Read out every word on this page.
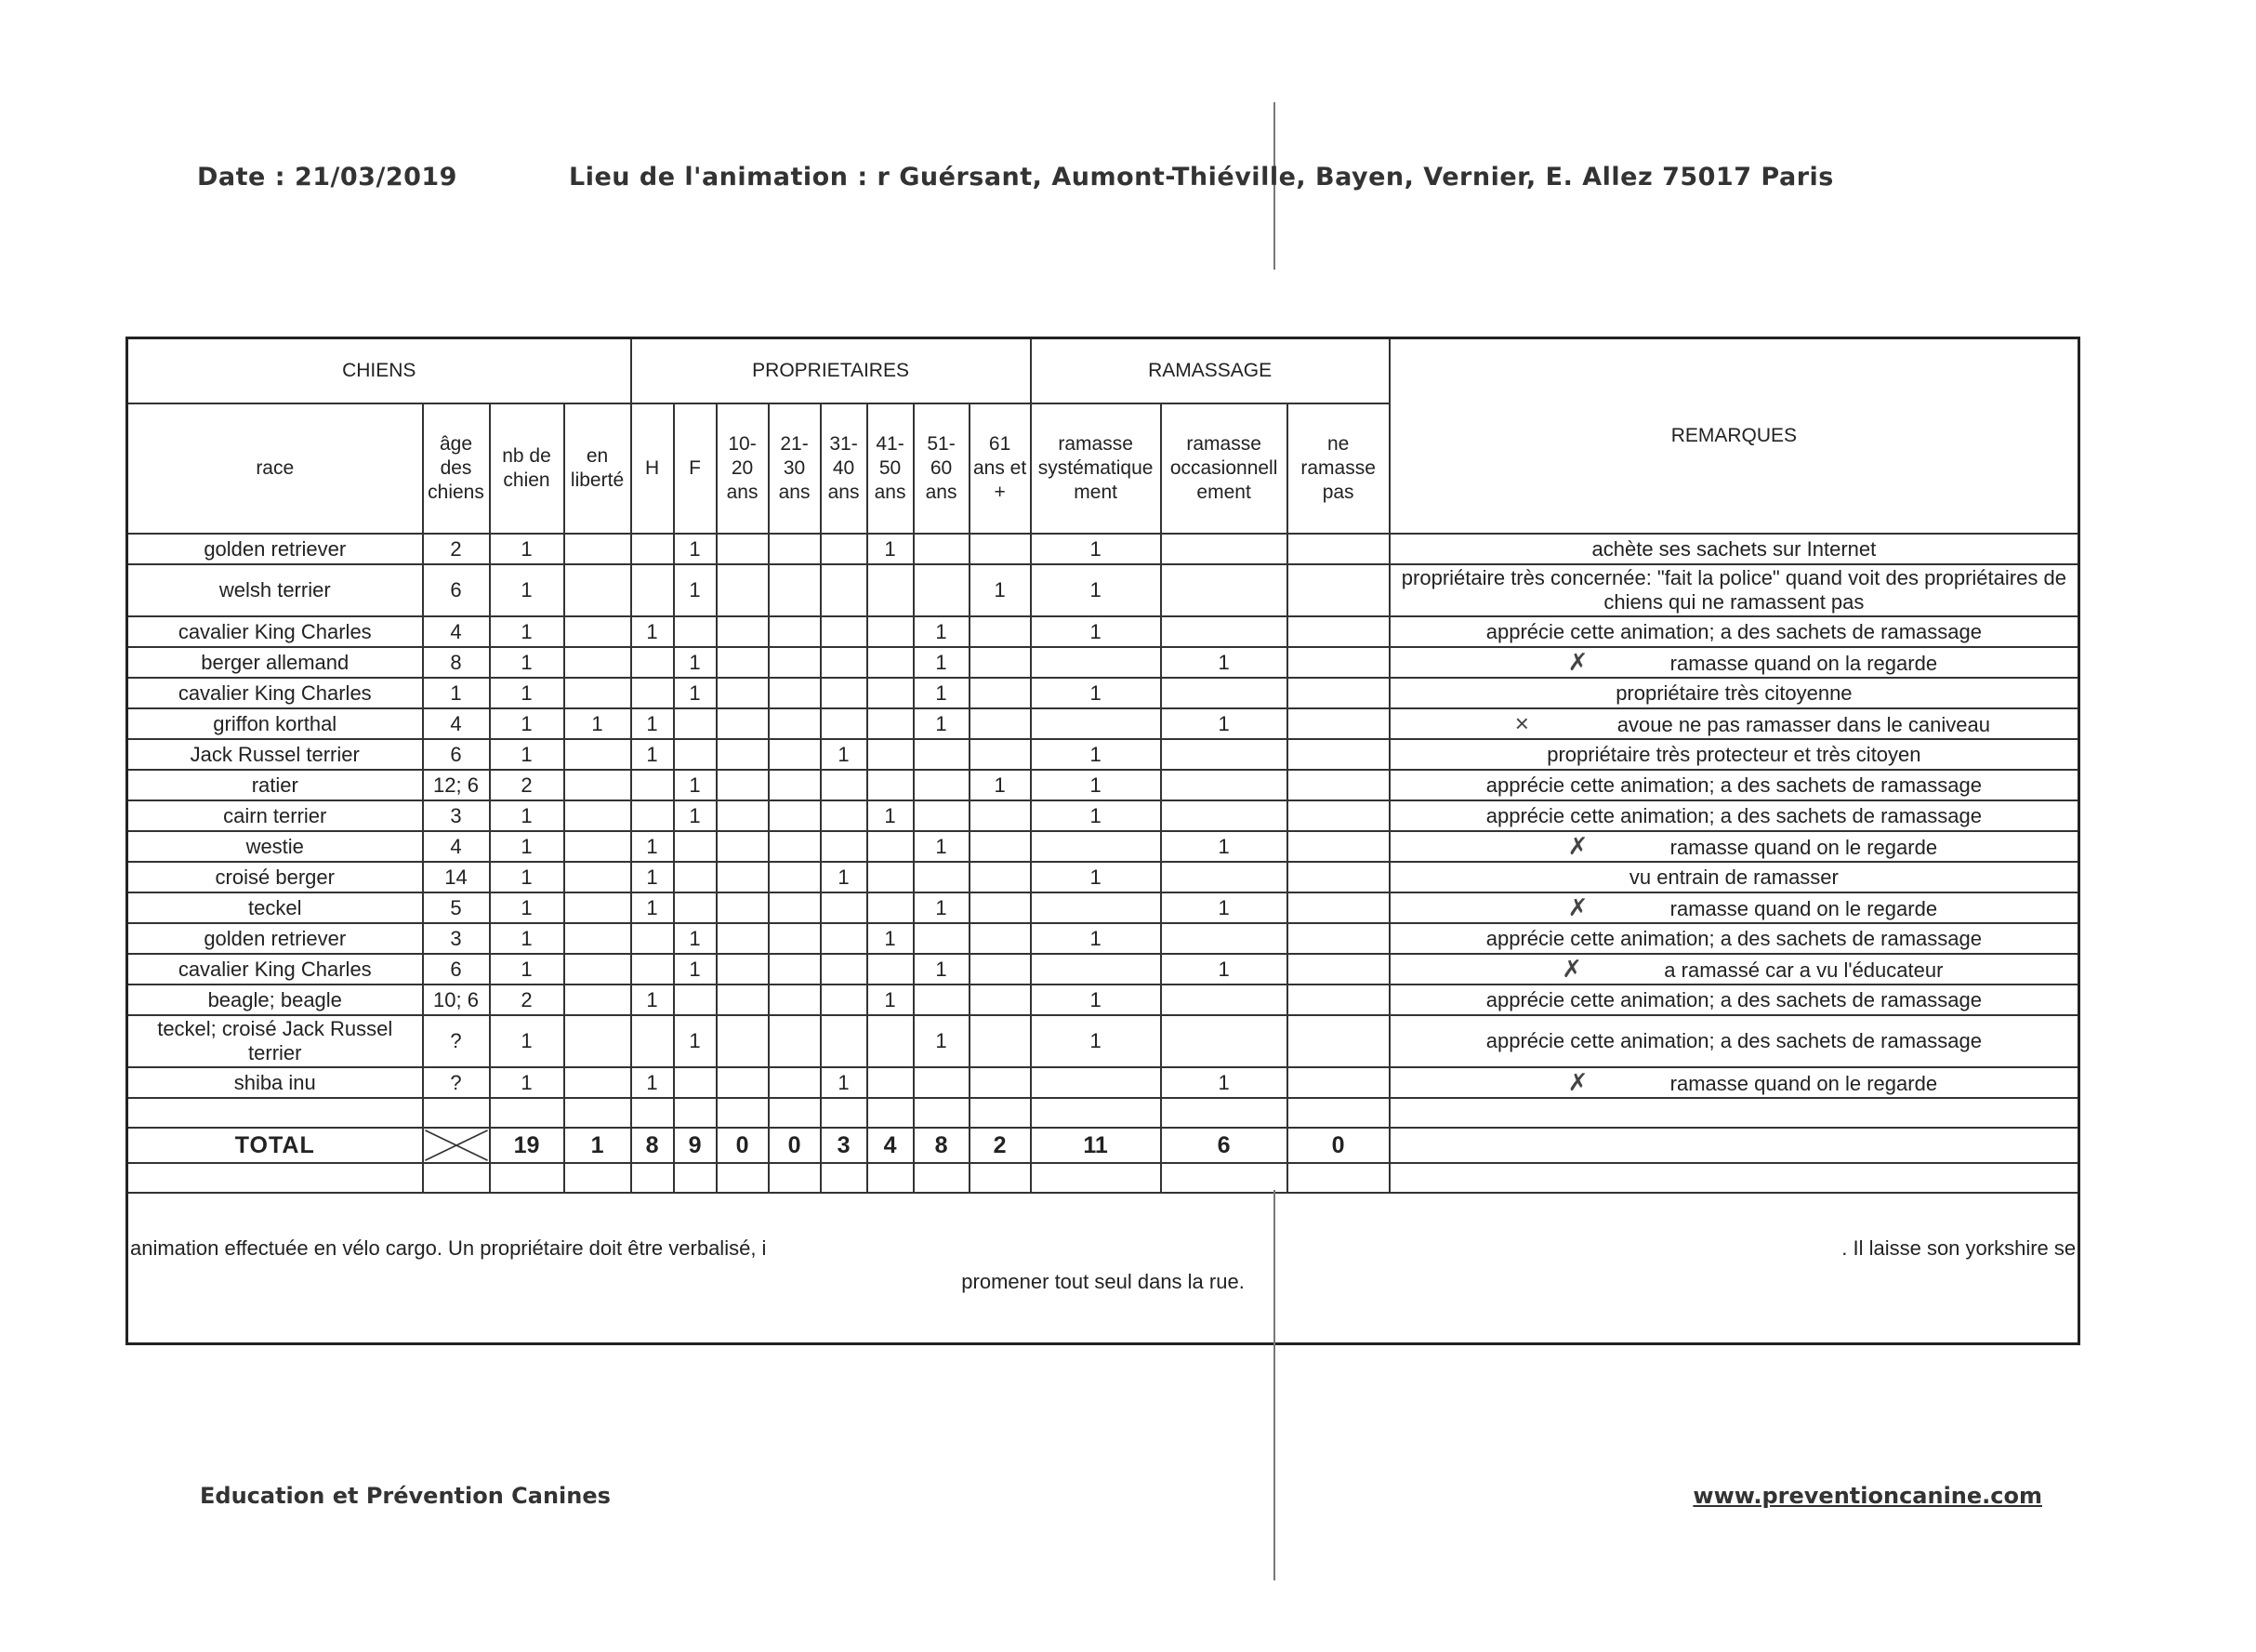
Date : 21/03/2019	Lieu de l'animation : r Guérsant, Aumont-Thiéville, Bayen, Vernier, E. Allez 75017 Paris
CHIENS				PROPRIETAIRES								RAMASSAGE			REMARQUES
race	âge des chiens	nb de chien	en liberté	H	F	10- 20 ans	21- 30 ans	31- 40 ans	41- 50 ans	51- 60 ans	61 ans et +	ramasse systématique ment	ramasse occasionnell ement	ne ramasse pas	
golden retriever	2	1			1				1			1			achète ses sachets sur Internet
welsh terrier	6	1			1						1	1			propriétaire très concernée: "fait la police" quand voit des propriétaires de chiens qui ne ramassent pas
cavalier King Charles	4	1		1						1		1			apprécie cette animation; a des sachets de ramassage
berger allemand	8	1			1					1			1		✗ ramasse quand on la regarde
cavalier King Charles	1	1			1					1		1			propriétaire très citoyenne
griffon korthal	4	1	1	1						1			1		× avoue ne pas ramasser dans le caniveau
Jack Russel terrier	6	1		1				1				1			propriétaire très protecteur et très citoyen
ratier	12; 6	2			1						1	1			apprécie cette animation; a des sachets de ramassage
cairn terrier	3	1			1				1			1			apprécie cette animation; a des sachets de ramassage
westie	4	1		1						1			1		✗ ramasse quand on le regarde
croisé berger	14	1		1				1				1			vu entrain de ramasser
teckel	5	1		1						1			1		✗ ramasse quand on le regarde
golden retriever	3	1			1				1			1			apprécie cette animation; a des sachets de ramassage
cavalier King Charles	6	1			1					1			1		✗ a ramassé car a vu l'éducateur
beagle; beagle	10; 6	2		1					1			1			apprécie cette animation; a des sachets de ramassage
teckel; croisé Jack Russel terrier	?	1			1					1		1			apprécie cette animation; a des sachets de ramassage
shiba inu	?	1		1				1					1		✗ ramasse quand on le regarde

TOTAL		19	1	8	9	0	0	3	4	8	2	11	6	0	

animation effectuée en vélo cargo. Un propriétaire doit être verbalisé, i . Il laisse son yorkshire se
promener tout seul dans la rue.															
Education et Prévention Canines	www.preventioncanine.com
